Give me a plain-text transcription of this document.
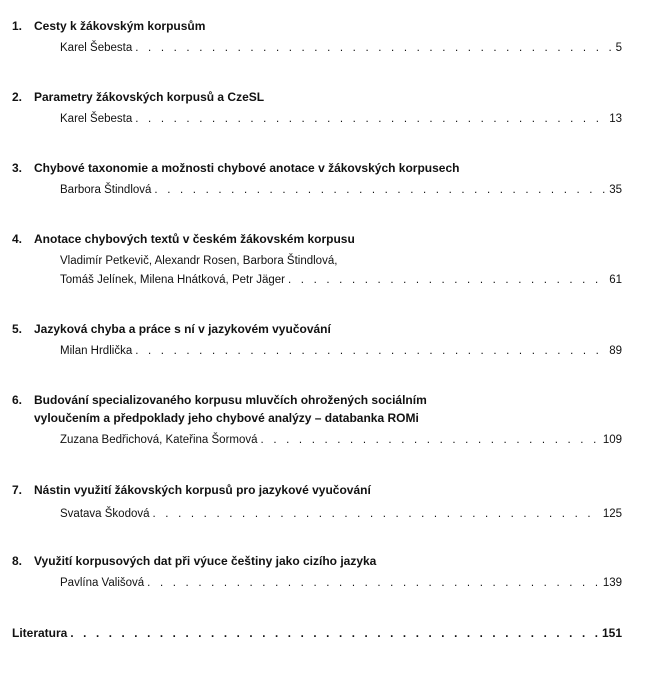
1. Cesty k žákovským korpusům
Karel Šebesta . . .	5
2. Parametry žákovských korpusů a CzeSL
Karel Šebesta . . .	13
3. Chybové taxonomie a možnosti chybové anotace v žákovských korpusech
Barbora Štindlová . . .	35
4. Anotace chybových textů v českém žákovském korpusu
Vladimír Petkevič, Alexandr Rosen, Barbora Štindlová,
Tomáš Jelínek, Milena Hnátková, Petr Jäger . . .	61
5. Jazyková chyba a práce s ní v jazykovém vyučování
Milan Hrdlička . . .	89
6. Budování specializovaného korpusu mluvčích ohrožených sociálním
vyloučením a předpoklady jeho chybové analýzy – databanka ROMi
Zuzana Bedřichová, Kateřina Šormová . . .	109
7. Nástin využití žákovských korpusů pro jazykové vyučování
Svatava Škodová . . .	125
8. Využití korpusových dat při výuce češtiny jako cizího jazyka
Pavlína Vališová . . .	139
Literatura . . .	151
